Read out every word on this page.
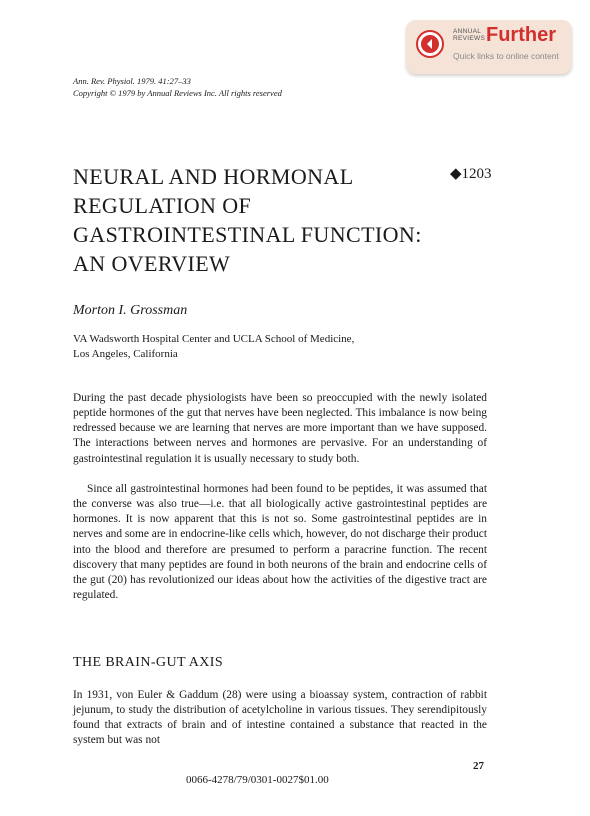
ANNUAL
REVIEWS Further
Quick links to online content
Ann. Rev. Physiol. 1979. 41:27–33
Copyright © 1979 by Annual Reviews Inc. All rights reserved
NEURAL AND HORMONAL
REGULATION OF
GASTROINTESTINAL FUNCTION:
AN OVERVIEW
◆1203
Morton I. Grossman
VA Wadsworth Hospital Center and UCLA School of Medicine,
Los Angeles, California
During the past decade physiologists have been so preoccupied with the newly isolated peptide hormones of the gut that nerves have been neglected. This imbalance is now being redressed because we are learning that nerves are more important than we have supposed. The interactions between nerves and hormones are pervasive. For an understanding of gastrointestinal regulation it is usually necessary to study both.
Since all gastrointestinal hormones had been found to be peptides, it was assumed that the converse was also true—i.e. that all biologically active gastrointestinal peptides are hormones. It is now apparent that this is not so. Some gastrointestinal peptides are in nerves and some are in endocrine-like cells which, however, do not discharge their product into the blood and therefore are presumed to perform a paracrine function. The recent discovery that many peptides are found in both neurons of the brain and endocrine cells of the gut (20) has revolutionized our ideas about how the activities of the digestive tract are regulated.
THE BRAIN-GUT AXIS
In 1931, von Euler & Gaddum (28) were using a bioassay system, contraction of rabbit jejunum, to study the distribution of acetylcholine in various tissues. They serendipitously found that extracts of brain and of intestine contained a substance that reacted in the system but was not
27
0066-4278/79/0301-0027$01.00
